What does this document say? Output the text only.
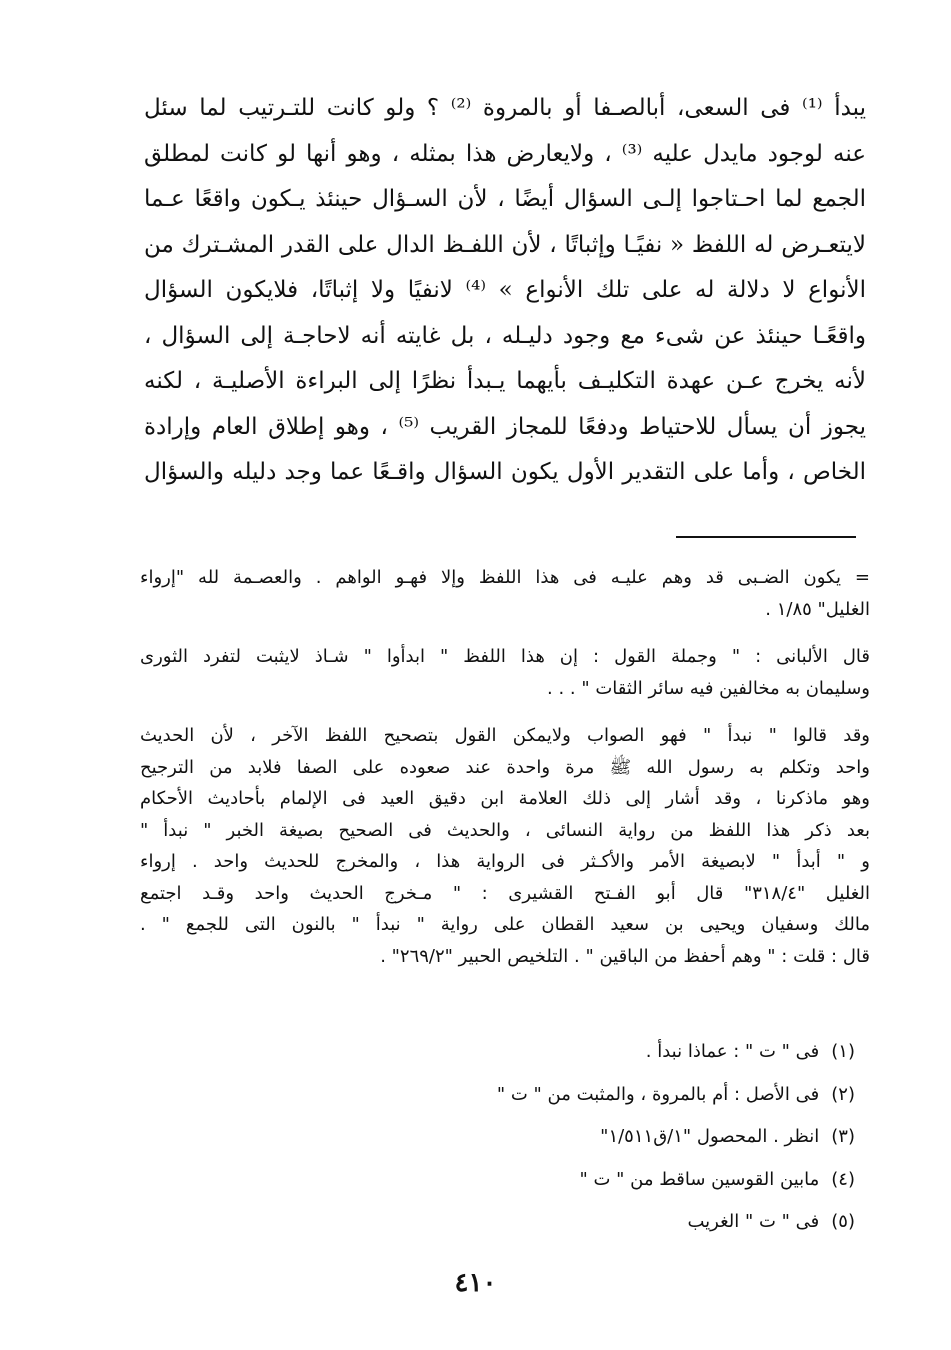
يبدأ ⁽¹⁾ فى السعى، أبالصـفا أو بالمروة ⁽²⁾ ؟ ولو كانت للتـرتيب لما سئل
عنه لوجود مايدل عليه ⁽³⁾ ، ولايعارض هذا بمثله ، وهو أنها لو كانت لمطلق
الجمع لما احـتاجوا إلـى السؤال أيضًا ، لأن السـؤال حينئذ يـكون واقعًا عـما
لايتعـرض له اللفظ « نفيًـا وإثباتًا ، لأن اللفـظ الدال على القدر المشـترك من
الأنواع لا دلالة له على تلك الأنواع » ⁽⁴⁾ لانفيًا ولا إثباتًا، فلايكون السؤال
واقعًـا حينئذ عن شىء مع وجود دليـله ، بل غايته أنه لاحاجـة إلى السؤال ،
لأنه يخرج عـن عهدة التكليـف بأيهما يـبدأ نظرًا إلى البراءة الأصليـة ، لكنه
يجوز أن يسأل للاحتياط ودفعًا للمجاز القريب ⁽⁵⁾ ، وهو إطلاق العام وإرادة
الخاص ، وأما على التقدير الأول يكون السؤال واقـعًا عما وجد دليله والسؤال
= يكون الضـبى قد وهم عليـه فى هذا اللفظ وإلا فهـو الواهم . والعصـمة لله "إرواء
الغليل" ١/٨٥ .
قال الألبانى : " وجملة القول : إن هذا اللفظ " ابدأوا " شـاذ لايثبت لتفرد الثورى
وسليمان به مخالفين فيه سائر الثقات " . . .
وقد قالوا " نبدأ " فهو الصواب ولايمكن القول بتصحيح اللفظ الآخر ، لأن الحديث
واحد وتكلم به رسول الله ﷺ مرة واحدة عند صعوده على الصفا فلابد من الترجيح
وهو ماذكرنا ، وقد أشار إلى ذلك العلامة ابن دقيق العيد فى الإلمام بأحاديث الأحكام
بعد ذكر هذا اللفظ من رواية النسائى ، والحديث فى الصحيح بصيغة الخبر " نبدأ "
و " أبدأ " لابصيغة الأمر والأكـثر فى الرواية هذا ، والمخرج للحديث واحد . إرواء
الغليل "٣١٨/٤" قال أبو الفـتح القشيرى : " مـخرج الحديث واحد وقـد اجتمع
مالك وسفيان ويحيى بن سعيد القطان على رواية " نبدأ " بالنون التى للجمع " .
قال : قلت : " وهم أحفظ من الباقين " . التلخيص الحبير "٢٦٩/٢" .
(١)فى " ت " : عماذا نبدأ .
(٢)فى الأصل : أم بالمروة ، والمثبت من " ت "
(٣)انظر . المحصول "١/ق١/٥١١"
(٤)مابين القوسين ساقط من " ت "
(٥)فى " ت " الغريب
٤١٠
